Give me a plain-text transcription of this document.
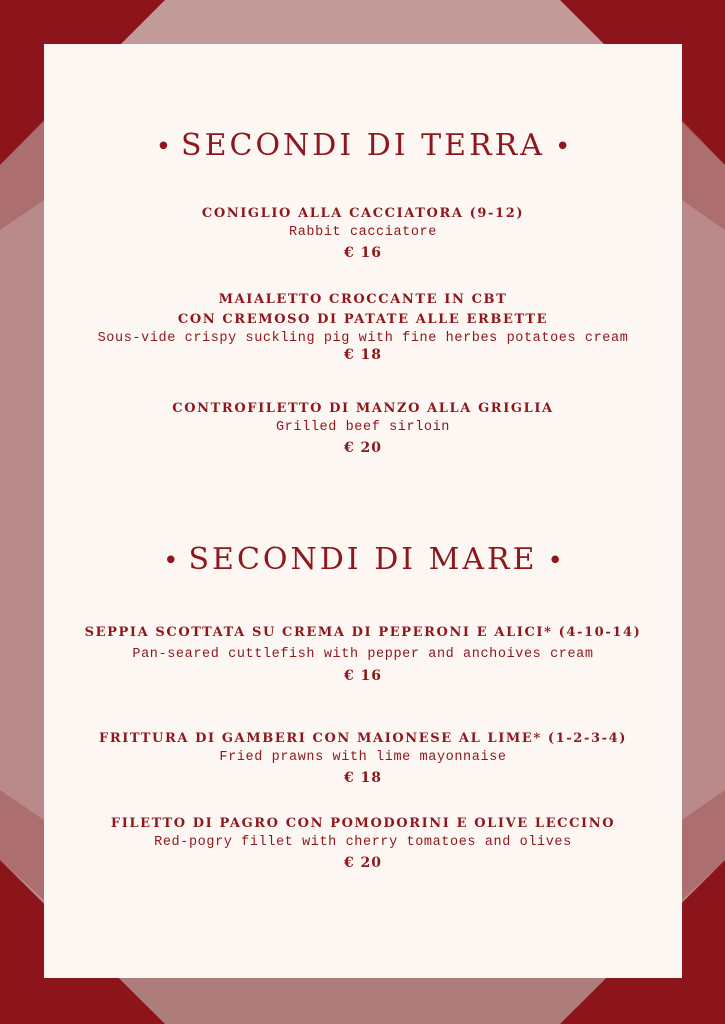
• SECONDI DI TERRA •
CONIGLIO ALLA CACCIATORA (9-12)
Rabbit cacciatore
€ 16
MAIALETTO CROCCANTE IN CBT
CON CREMOSO DI PATATE ALLE ERBETTE
Sous-vide crispy suckling pig with fine herbes potatoes cream
€ 18
CONTROFILETTO DI MANZO ALLA GRIGLIA
Grilled beef sirloin
€ 20
• SECONDI DI MARE •
SEPPIA SCOTTATA SU CREMA DI PEPERONI E ALICI* (4-10-14)
Pan-seared cuttlefish with pepper and anchoives cream
€ 16
FRITTURA DI GAMBERI CON MAIONESE AL LIME* (1-2-3-4)
Fried prawns with lime mayonnaise
€ 18
FILETTO DI PAGRO CON POMODORINI E OLIVE LECCINO
Red-pogry fillet with cherry tomatoes and olives
€ 20
